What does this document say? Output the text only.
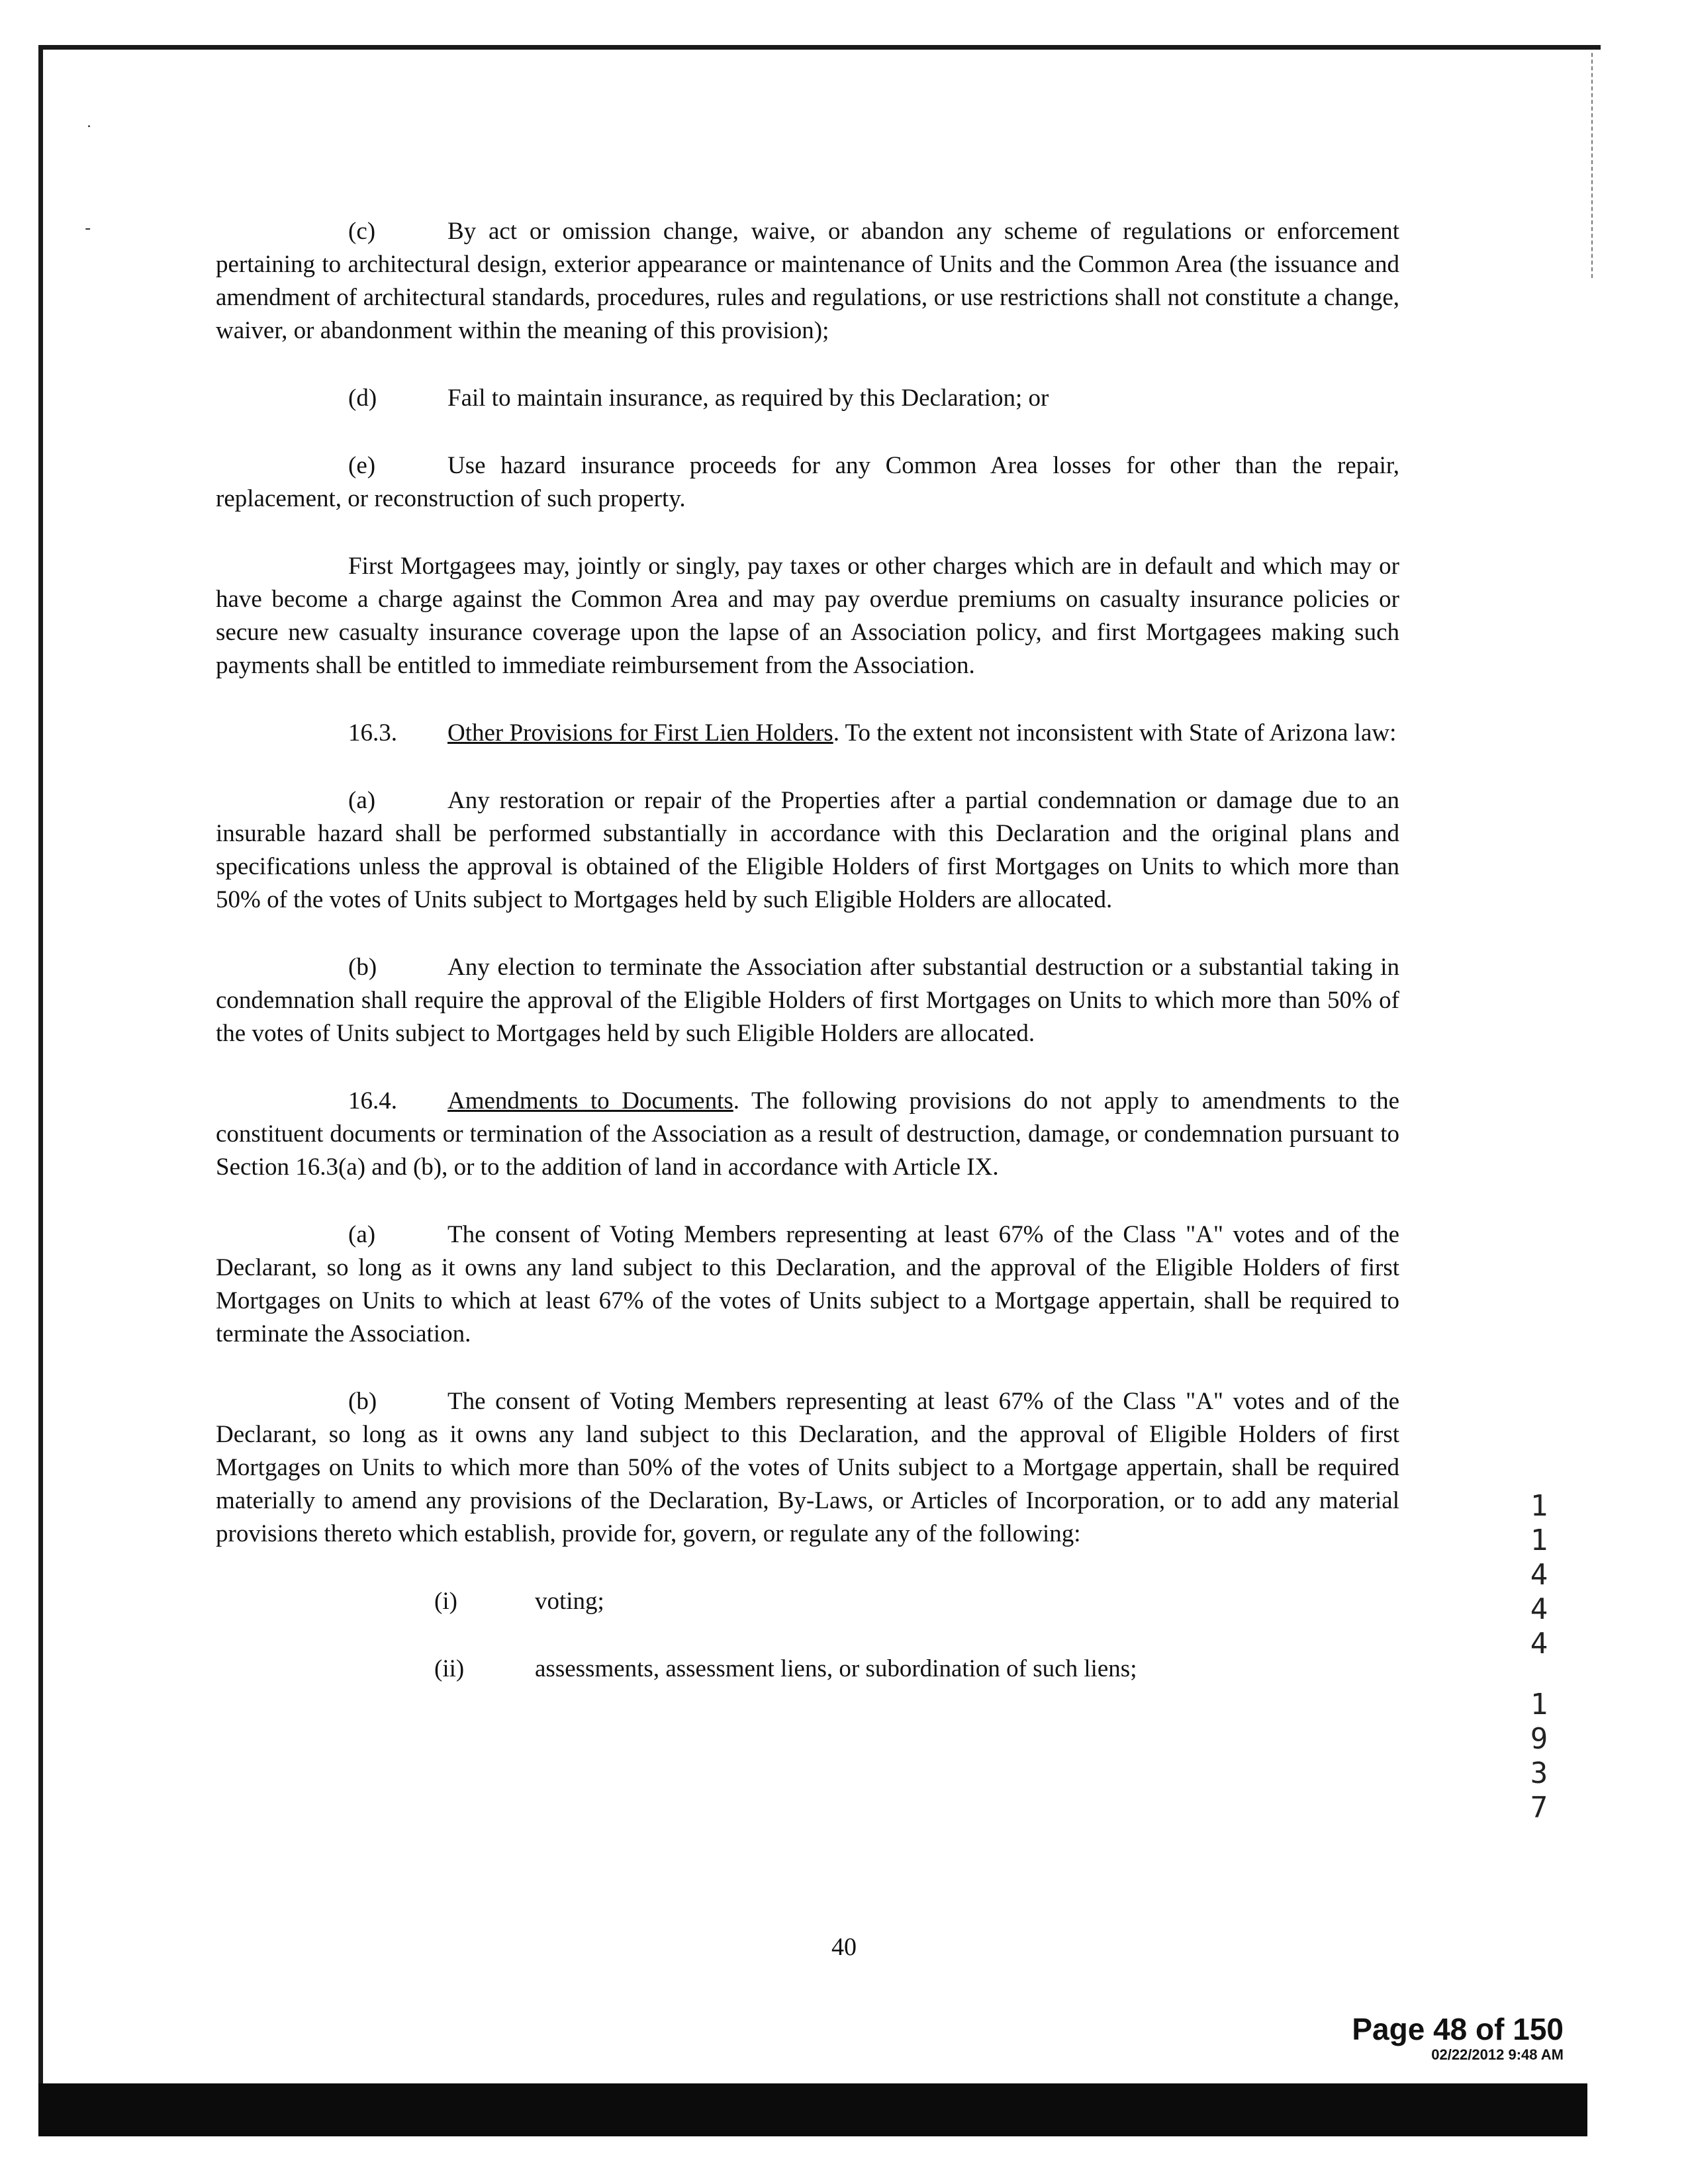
˙
-	(c)	By act or omission change, waive, or abandon any scheme of regulations or enforcement pertaining to architectural design, exterior appearance or maintenance of Units and the Common Area (the issuance and amendment of architectural standards, procedures, rules and regulations, or use restrictions shall not constitute a change, waiver, or abandonment within the meaning of this provision);

(d)	Fail to maintain insurance, as required by this Declaration; or

(e)	Use hazard insurance proceeds for any Common Area losses for other than the repair, replacement, or reconstruction of such property.

First Mortgagees may, jointly or singly, pay taxes or other charges which are in default and which may or have become a charge against the Common Area and may pay overdue premiums on casualty insurance policies or secure new casualty insurance coverage upon the lapse of an Association policy, and first Mortgagees making such payments shall be entitled to immediate reimbursement from the Association.

16.3. Other Provisions for First Lien Holders. To the extent not inconsistent with State of Arizona law:

(a)	Any restoration or repair of the Properties after a partial condemnation or damage due to an insurable hazard shall be performed substantially in accordance with this Declaration and the original plans and specifications unless the approval is obtained of the Eligible Holders of first Mortgages on Units to which more than 50% of the votes of Units subject to Mortgages held by such Eligible Holders are allocated.

(b)	Any election to terminate the Association after substantial destruction or a substantial taking in condemnation shall require the approval of the Eligible Holders of first Mortgages on Units to which more than 50% of the votes of Units subject to Mortgages held by such Eligible Holders are allocated.

16.4. Amendments to Documents. The following provisions do not apply to amendments to the constituent documents or termination of the Association as a result of destruction, damage, or condemnation pursuant to Section 16.3(a) and (b), or to the addition of land in accordance with Article IX.

(a)	The consent of Voting Members representing at least 67% of the Class "A" votes and of the Declarant, so long as it owns any land subject to this Declaration, and the approval of the Eligible Holders of first Mortgages on Units to which at least 67% of the votes of Units subject to a Mortgage appertain, shall be required to terminate the Association.

(b)	The consent of Voting Members representing at least 67% of the Class "A" votes and of the Declarant, so long as it owns any land subject to this Declaration, and the approval of Eligible Holders of first Mortgages on Units to which more than 50% of the votes of Units subject to a Mortgage appertain, shall be required materially to amend any provisions of the Declaration, By-Laws, or Articles of Incorporation, or to add any material provisions thereto which establish, provide for, govern, or regulate any of the following:

(i)	voting;

(ii)	assessments, assessment liens, or subordination of such liens;

40
1
1
4
4
4
1
9
3
7
Page 48 of 150
02/22/2012 9:48 AM
